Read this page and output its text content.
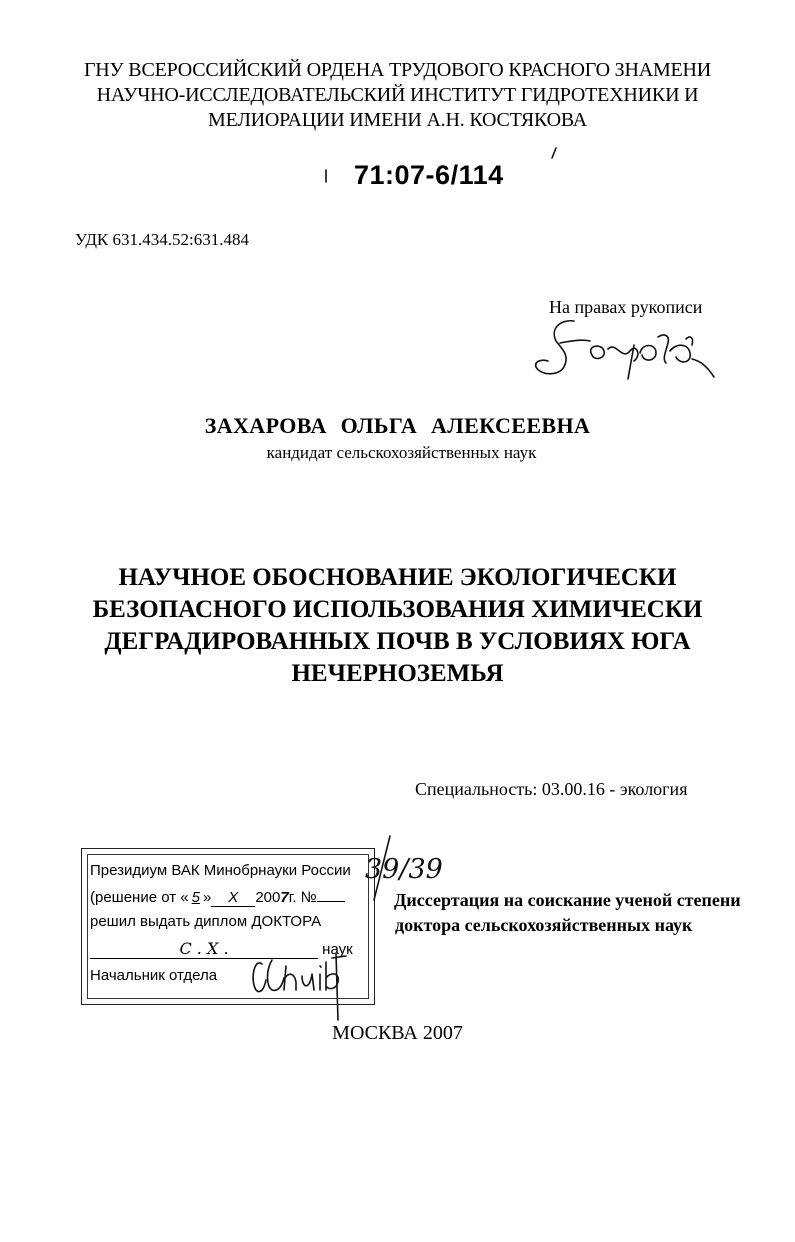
ГНУ ВСЕРОССИЙСКИЙ ОРДЕНА ТРУДОВОГО КРАСНОГО ЗНАМЕНИ
НАУЧНО-ИССЛЕДОВАТЕЛЬСКИЙ ИНСТИТУТ ГИДРОТЕХНИКИ И
МЕЛИОРАЦИИ ИМЕНИ А.Н. КОСТЯКОВА
71:07-6/114
УДК 631.434.52:631.484
На правах рукописи
ЗАХАРОВА ОЛЬГА АЛЕКСЕЕВНА
кандидат сельскохозяйственных наук
НАУЧНОЕ ОБОСНОВАНИЕ ЭКОЛОГИЧЕСКИ
БЕЗОПАСНОГО ИСПОЛЬЗОВАНИЯ ХИМИЧЕСКИ
ДЕГРАДИРОВАННЫХ ПОЧВ В УСЛОВИЯХ ЮГА
НЕЧЕРНОЗЕМЬЯ
Специальность: 03.00.16 - экология
Президиум ВАК Минобрнауки России
(решение от « 5 » X 2007г. №
решил выдать диплом ДОКТОРА
С . Х .	наук
Начальник отдела
39/39
Диссертация на соискание ученой степени
доктора сельскохозяйственных наук
МОСКВА 2007
